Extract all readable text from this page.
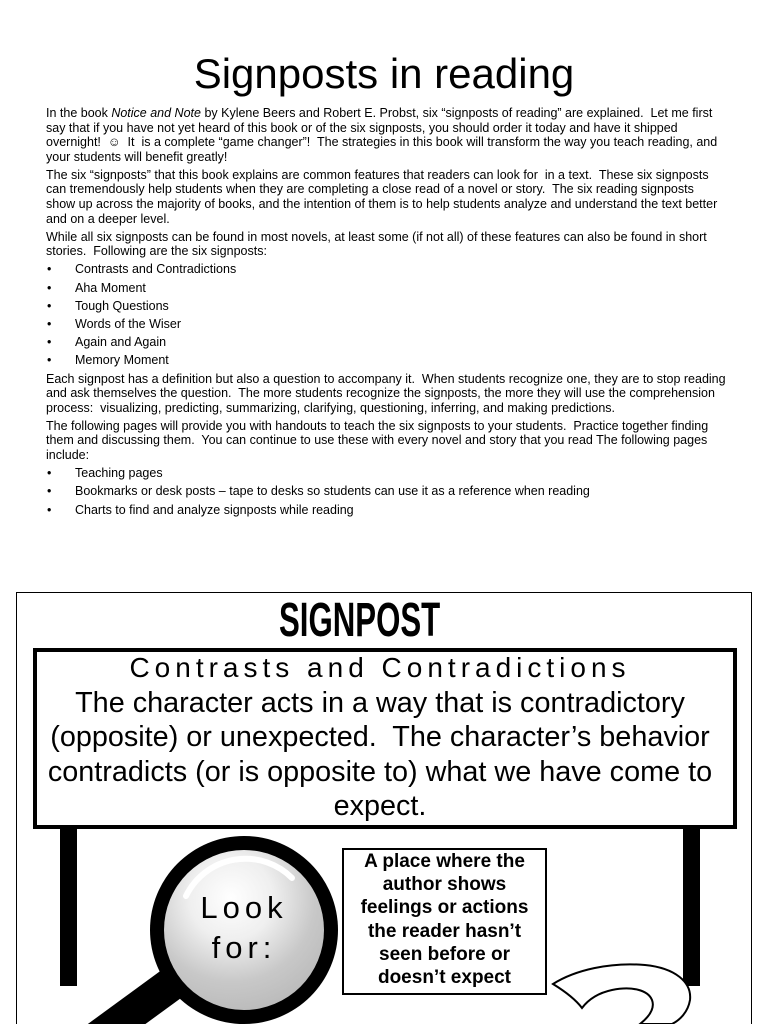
Signposts in reading

In the book Notice and Note by Kylene Beers and Robert E. Probst, six “signposts of reading” are explained.  Let me first say that if you have not yet heard of this book or of the six signposts, you should order it today and have it shipped overnight!  ☺  It  is a complete “game changer”!  The strategies in this book will transform the way you teach reading, and your students will benefit greatly!

The six “signposts” that this book explains are common features that readers can look for  in a text.  These six signposts can tremendously help students when they are completing a close read of a novel or story.  The six reading signposts show up across the majority of books, and the intention of them is to help students analyze and understand the text better and on a deeper level.

While all six signposts can be found in most novels, at least some (if not all) of these features can also be found in short stories.  Following are the six signposts:

• Contrasts and Contradictions
• Aha Moment
• Tough Questions
• Words of the Wiser
• Again and Again
• Memory Moment

Each signpost has a definition but also a question to accompany it.  When students recognize one, they are to stop reading and ask themselves the question.  The more students recognize the signposts, the more they will use the comprehension process:  visualizing, predicting, summarizing, clarifying, questioning, inferring, and making predictions.

The following pages will provide you with handouts to teach the six signposts to your students.  Practice together finding them and discussing them.  You can continue to use these with every novel and story that you read The following pages include:

• Teaching pages
• Bookmarks or desk posts – tape to desks so students can use it as a reference when reading
• Charts to find and analyze signposts while reading
SIGNPOST
Contrasts and Contradictions
The character acts in a way that is contradictory (opposite) or unexpected.  The character’s behavior contradicts (or is opposite to) what we have come to expect.
Look for:
A place where the author shows feelings or actions the reader hasn’t seen before or doesn’t expect
